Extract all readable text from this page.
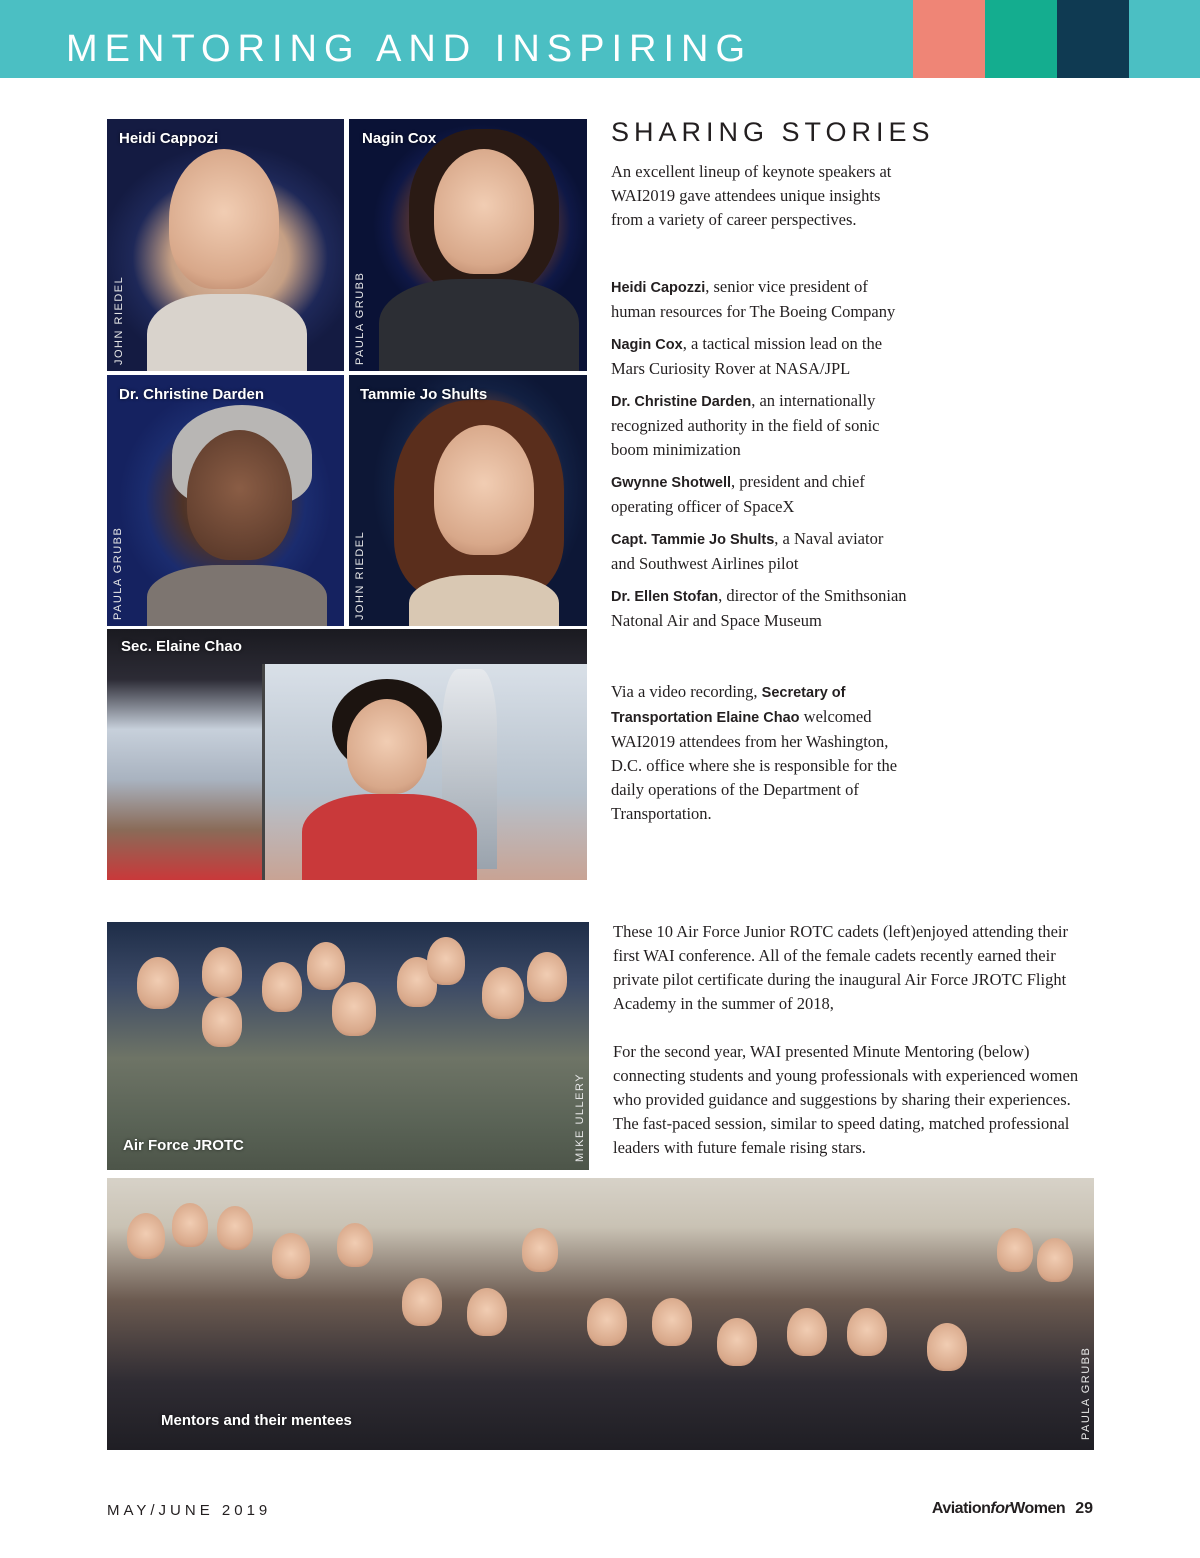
MENTORING AND INSPIRING
Heidi Cappozi
JOHN RIEDEL
Nagin Cox
PAULA GRUBB
Dr. Christine Darden
PAULA GRUBB
Tammie Jo Shults
JOHN RIEDEL
Sec. Elaine Chao
SHARING STORIES
An excellent lineup of keynote speakers at WAI2019 gave attendees unique insights from a variety of career perspectives.
Heidi Capozzi, senior vice president of human resources for The Boeing Company
Nagin Cox, a tactical mission lead on the Mars Curiosity Rover at NASA/JPL
Dr. Christine Darden, an internationally recognized authority in the field of sonic boom minimization
Gwynne Shotwell, president and chief operating officer of SpaceX
Capt. Tammie Jo Shults, a Naval aviator and Southwest Airlines pilot
Dr. Ellen Stofan, director of the Smithsonian Natonal Air and Space Museum
Via a video recording, Secretary of Transportation Elaine Chao welcomed WAI2019 attendees from her Washington, D.C. office where she is responsible for the daily operations of the Department of Transportation.
Air Force JROTC	MIKE ULLERY
These 10 Air Force Junior ROTC cadets (left)enjoyed attending their first WAI conference. All of the female cadets recently earned their private pilot certificate during the inaugural Air Force JROTC Flight Academy in the summer of 2018,
For the second year, WAI presented Minute Mentoring (below) connecting students and young professionals with experienced women who provided guidance and suggestions by sharing their experiences. The fast-paced session, similar to speed dating, matched professional leaders with future female rising stars.
Mentors and their mentees	PAULA GRUBB
MAY/JUNE 2019	AviationforWomen 29
